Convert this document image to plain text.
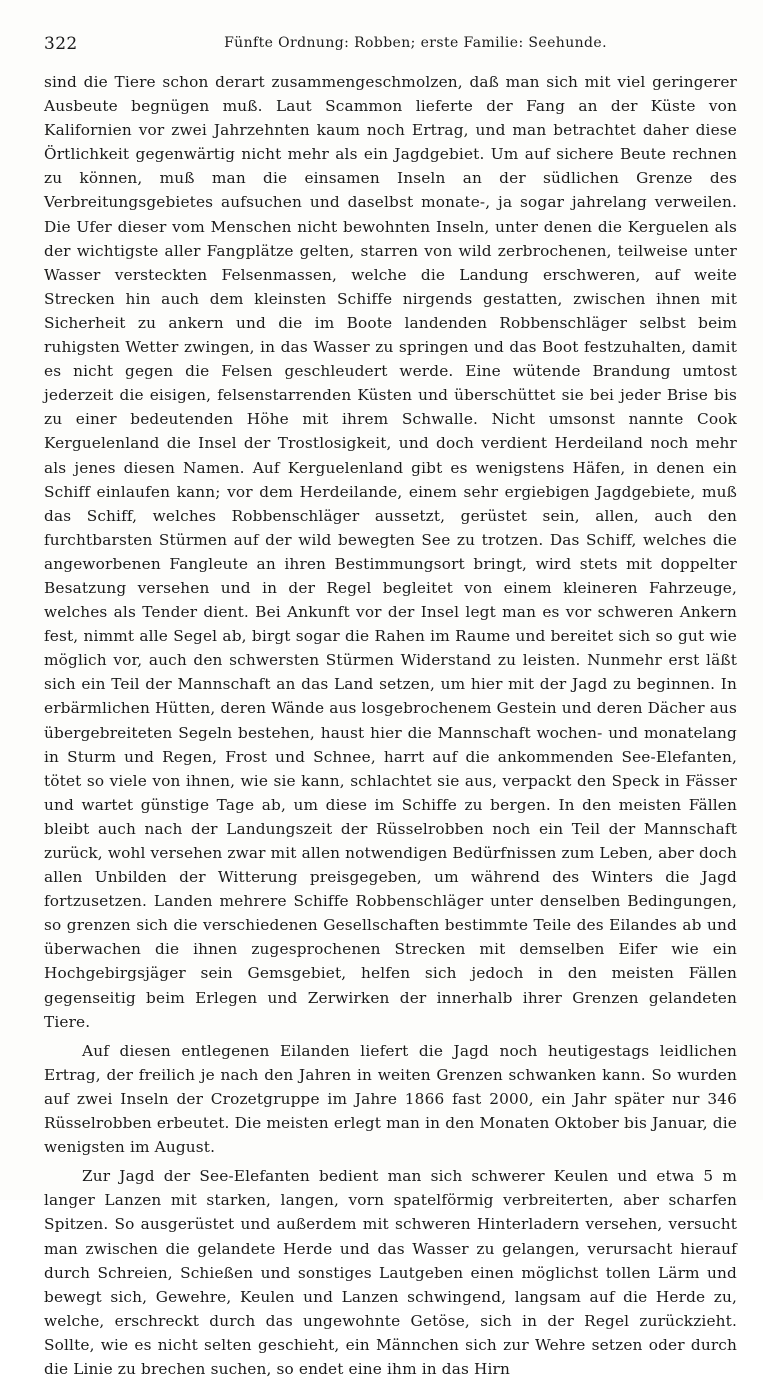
322	Fünfte Ordnung: Robben; erste Familie: Seehunde.

sind die Tiere schon derart zusammengeschmolzen, daß man sich mit viel geringerer Ausbeute begnügen muß. Laut Scammon lieferte der Fang an der Küste von Kalifornien vor zwei Jahrzehnten kaum noch Ertrag, und man betrachtet daher diese Örtlichkeit gegenwärtig nicht mehr als ein Jagdgebiet. Um auf sichere Beute rechnen zu können, muß man die einsamen Inseln an der südlichen Grenze des Verbreitungsgebietes aufsuchen und daselbst monate-, ja sogar jahrelang verweilen. Die Ufer dieser vom Menschen nicht bewohnten Inseln, unter denen die Kerguelen als der wichtigste aller Fangplätze gelten, starren von wild zerbrochenen, teilweise unter Wasser versteckten Felsenmassen, welche die Landung erschweren, auf weite Strecken hin auch dem kleinsten Schiffe nirgends gestatten, zwischen ihnen mit Sicherheit zu ankern und die im Boote landenden Robbenschläger selbst beim ruhigsten Wetter zwingen, in das Wasser zu springen und das Boot festzuhalten, damit es nicht gegen die Felsen geschleudert werde. Eine wütende Brandung umtost jederzeit die eisigen, felsenstarrenden Küsten und überschüttet sie bei jeder Brise bis zu einer bedeutenden Höhe mit ihrem Schwalle. Nicht umsonst nannte Cook Kerguelenland die Insel der Trostlosigkeit, und doch verdient Herdeiland noch mehr als jenes diesen Namen. Auf Kerguelenland gibt es wenigstens Häfen, in denen ein Schiff einlaufen kann; vor dem Herdeilande, einem sehr ergiebigen Jagdgebiete, muß das Schiff, welches Robbenschläger aussetzt, gerüstet sein, allen, auch den furchtbarsten Stürmen auf der wild bewegten See zu trotzen. Das Schiff, welches die angeworbenen Fangleute an ihren Bestimmungsort bringt, wird stets mit doppelter Besatzung versehen und in der Regel begleitet von einem kleineren Fahrzeuge, welches als Tender dient. Bei Ankunft vor der Insel legt man es vor schweren Ankern fest, nimmt alle Segel ab, birgt sogar die Rahen im Raume und bereitet sich so gut wie möglich vor, auch den schwersten Stürmen Widerstand zu leisten. Nunmehr erst läßt sich ein Teil der Mannschaft an das Land setzen, um hier mit der Jagd zu beginnen. In erbärmlichen Hütten, deren Wände aus losgebrochenem Gestein und deren Dächer aus übergebreiteten Segeln bestehen, haust hier die Mannschaft wochen- und monatelang in Sturm und Regen, Frost und Schnee, harrt auf die ankommenden See-Elefanten, tötet so viele von ihnen, wie sie kann, schlachtet sie aus, verpackt den Speck in Fässer und wartet günstige Tage ab, um diese im Schiffe zu bergen. In den meisten Fällen bleibt auch nach der Landungszeit der Rüsselrobben noch ein Teil der Mannschaft zurück, wohl versehen zwar mit allen notwendigen Bedürfnissen zum Leben, aber doch allen Unbilden der Witterung preisgegeben, um während des Winters die Jagd fortzusetzen. Landen mehrere Schiffe Robbenschläger unter denselben Bedingungen, so grenzen sich die verschiedenen Gesellschaften bestimmte Teile des Eilandes ab und überwachen die ihnen zugesprochenen Strecken mit demselben Eifer wie ein Hochgebirgsjäger sein Gemsgebiet, helfen sich jedoch in den meisten Fällen gegenseitig beim Erlegen und Zerwirken der innerhalb ihrer Grenzen gelandeten Tiere.

Auf diesen entlegenen Eilanden liefert die Jagd noch heutigestags leidlichen Ertrag, der freilich je nach den Jahren in weiten Grenzen schwanken kann. So wurden auf zwei Inseln der Crozetgruppe im Jahre 1866 fast 2000, ein Jahr später nur 346 Rüsselrobben erbeutet. Die meisten erlegt man in den Monaten Oktober bis Januar, die wenigsten im August.

Zur Jagd der See-Elefanten bedient man sich schwerer Keulen und etwa 5 m langer Lanzen mit starken, langen, vorn spatelförmig verbreiterten, aber scharfen Spitzen. So ausgerüstet und außerdem mit schweren Hinterladern versehen, versucht man zwischen die gelandete Herde und das Wasser zu gelangen, verursacht hierauf durch Schreien, Schießen und sonstiges Lautgeben einen möglichst tollen Lärm und bewegt sich, Gewehre, Keulen und Lanzen schwingend, langsam auf die Herde zu, welche, erschreckt durch das ungewohnte Getöse, sich in der Regel zurückzieht. Sollte, wie es nicht selten geschieht, ein Männchen sich zur Wehre setzen oder durch die Linie zu brechen suchen, so endet eine ihm in das Hirn
